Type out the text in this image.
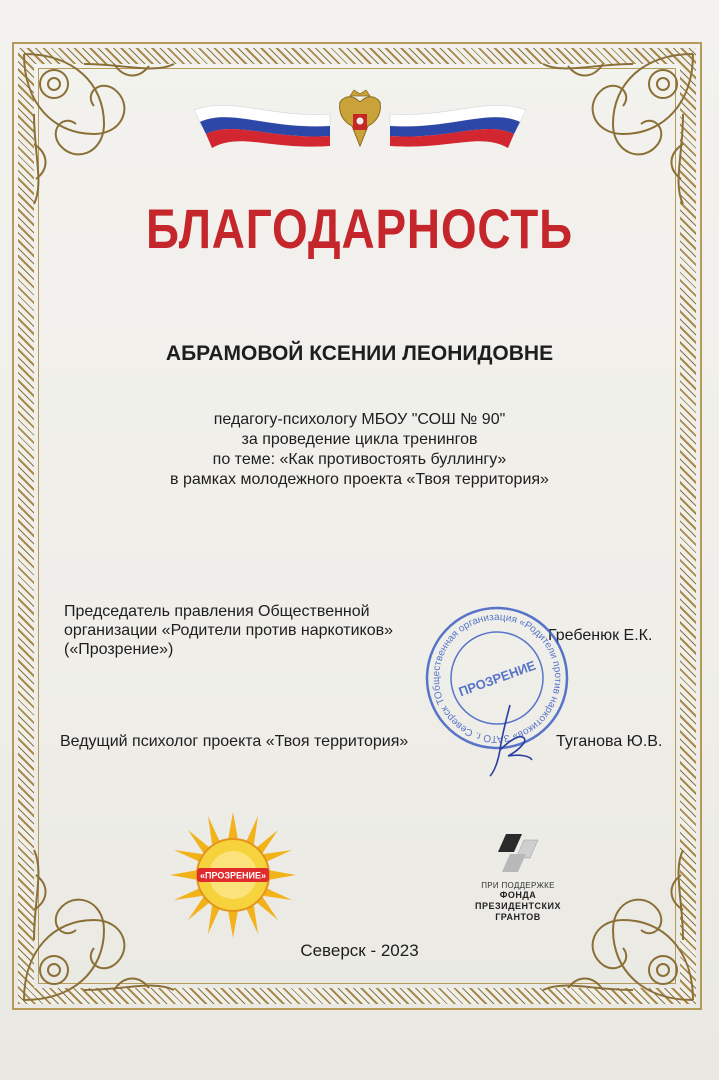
БЛАГОДАРНОСТЬ
АБРАМОВОЙ КСЕНИИ ЛЕОНИДОВНЕ
педагогу-психологу МБОУ "СОШ № 90"
за проведение цикла тренингов
по теме: «Как противостоять буллингу»
в рамках молодежного проекта «Твоя территория»
Председатель правления Общественной
организации «Родители против наркотиков»
(«Прозрение»)
Гребенюк Е.К.
Ведущий психолог проекта «Твоя территория»	Туганова Ю.В.
Общественная организация «Родители против наркотиков» ЗАТО г. Северск Томской
ПРОЗРЕНИЕ
«ПРОЗРЕНИЕ»
ПРИ ПОДДЕРЖКЕ
ФОНДА
ПРЕЗИДЕНТСКИХ
ГРАНТОВ
Северск - 2023
